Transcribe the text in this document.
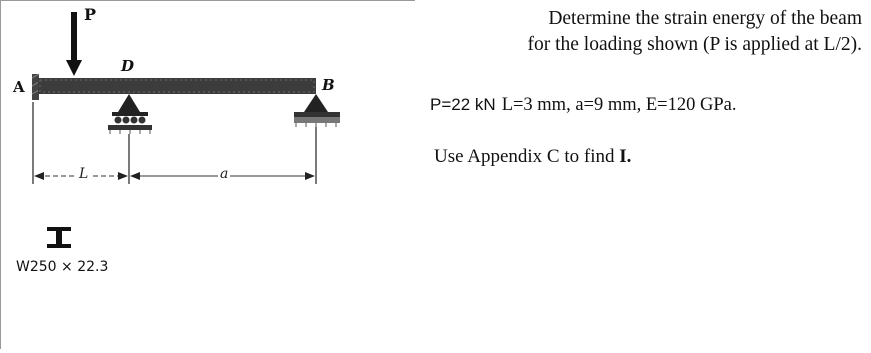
P
A
D
B
L	a
W250 × 22.3
Determine the strain energy of the beam
for the loading shown (P is applied at L/2).
P=22 kN L=3 mm, a=9 mm, E=120 GPa.
Use Appendix C to find I.
